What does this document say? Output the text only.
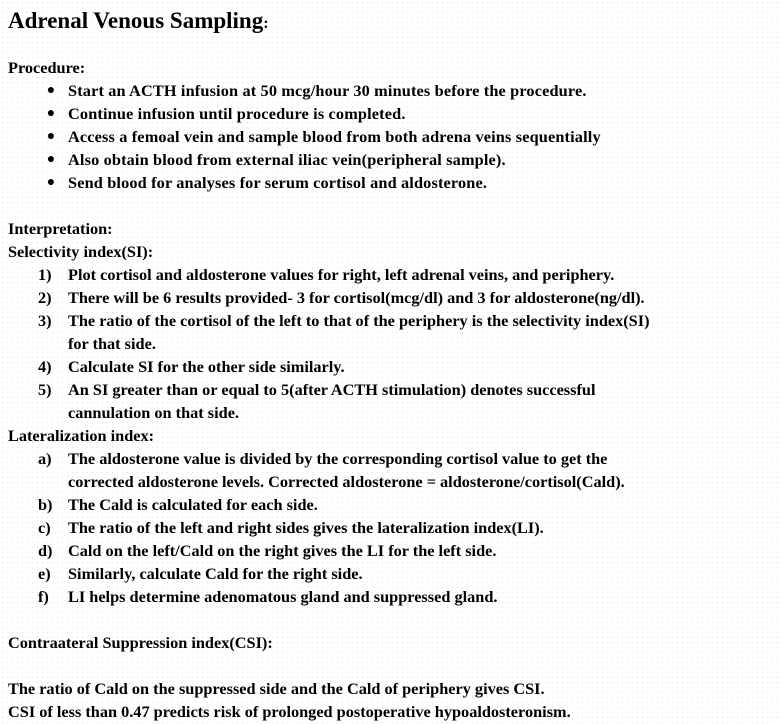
Adrenal Venous Sampling:
Procedure:
● Start an ACTH infusion at 50 mcg/hour 30 minutes before the procedure.
● Continue infusion until procedure is completed.
● Access a femoal vein and sample blood from both adrena veins sequentially
● Also obtain blood from external iliac vein(peripheral sample).
● Send blood for analyses for serum cortisol and aldosterone.
Interpretation:
Selectivity index(SI):
1)	Plot cortisol and aldosterone values for right, left adrenal veins, and periphery.
2)	There will be 6 results provided- 3 for cortisol(mcg/dl) and 3 for aldosterone(ng/dl).
3)	The ratio of the cortisol of the left to that of the periphery is the selectivity index(SI)
for that side.
4)	Calculate SI for the other side similarly.
5)	An SI greater than or equal to 5(after ACTH stimulation) denotes successful
cannulation on that side.
Lateralization index:
a)	The aldosterone value is divided by the corresponding cortisol value to get the
corrected aldosterone levels. Corrected aldosterone = aldosterone/cortisol(Cald).
b) The Cald is calculated for each side.
c)	The ratio of the left and right sides gives the lateralization index(LI).
d) Cald on the left/Cald on the right gives the LI for the left side.
e)	Similarly, calculate Cald for the right side.
f)	LI helps determine adenomatous gland and suppressed gland.
Contraateral Suppression index(CSI):
The ratio of Cald on the suppressed side and the Cald of periphery gives CSI.
CSI of less than 0.47 predicts risk of prolonged postoperative hypoaldosteronism.
